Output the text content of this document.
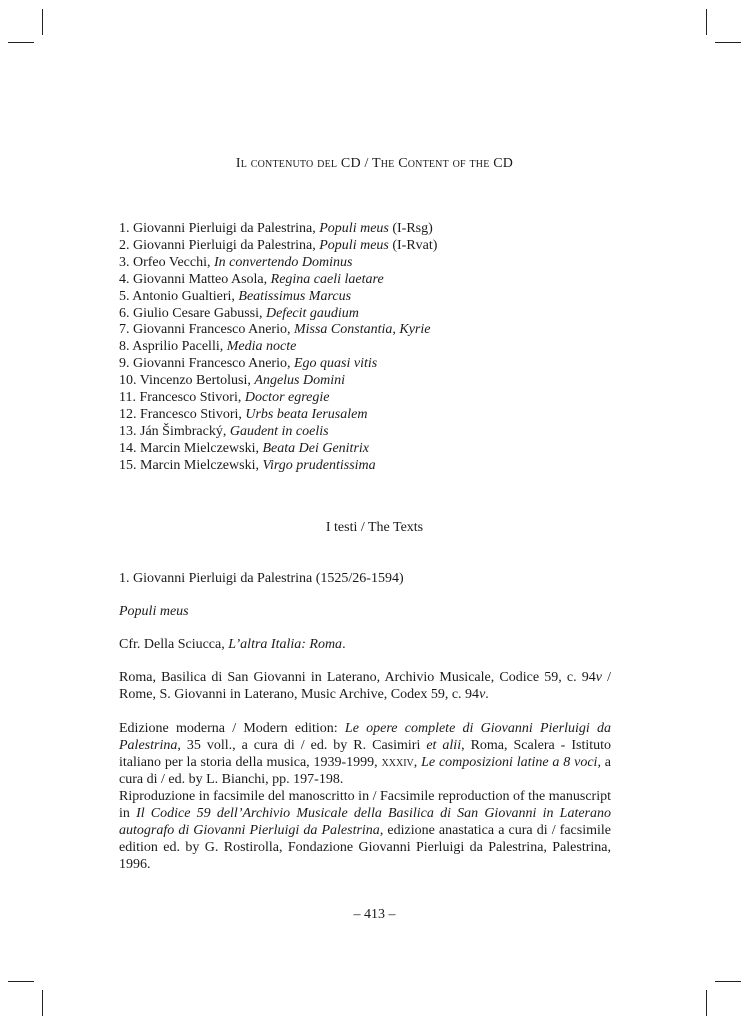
Il contenuto del CD / The Content of the CD
1. Giovanni Pierluigi da Palestrina, Populi meus (I-Rsg)
2. Giovanni Pierluigi da Palestrina, Populi meus (I-Rvat)
3. Orfeo Vecchi, In convertendo Dominus
4. Giovanni Matteo Asola, Regina caeli laetare
5. Antonio Gualtieri, Beatissimus Marcus
6. Giulio Cesare Gabussi, Defecit gaudium
7. Giovanni Francesco Anerio, Missa Constantia, Kyrie
8. Asprilio Pacelli, Media nocte
9. Giovanni Francesco Anerio, Ego quasi vitis
10. Vincenzo Bertolusi, Angelus Domini
11. Francesco Stivori, Doctor egregie
12. Francesco Stivori, Urbs beata Ierusalem
13. Ján Šimbracký, Gaudent in coelis
14. Marcin Mielczewski, Beata Dei Genitrix
15. Marcin Mielczewski, Virgo prudentissima
I testi / The Texts

1. Giovanni Pierluigi da Palestrina (1525/26-1594)

Populi meus

Cfr. Della Sciucca, L’altra Italia: Roma.

Roma, Basilica di San Giovanni in Laterano, Archivio Musicale, Codice 59, c. 94v / Rome, S. Giovanni in Laterano, Music Archive, Codex 59, c. 94v.

Edizione moderna / Modern edition: Le opere complete di Giovanni Pierluigi da Palestrina, 35 voll., a cura di / ed. by R. Casimiri et alii, Roma, Scalera - Istituto italiano per la storia della musica, 1939-1999, xxxiv, Le composizioni latine a 8 voci, a cura di / ed. by L. Bianchi, pp. 197-198.

Riproduzione in facsimile del manoscritto in / Facsimile reproduction of the manuscript in Il Codice 59 dell’Archivio Musicale della Basilica di San Giovanni in Laterano autografo di Giovanni Pierluigi da Palestrina, edizione anastatica a cura di / facsimile edition ed. by G. Rostirolla, Fondazione Giovanni Pierluigi da Palestrina, Palestrina, 1996.

– 413 –
